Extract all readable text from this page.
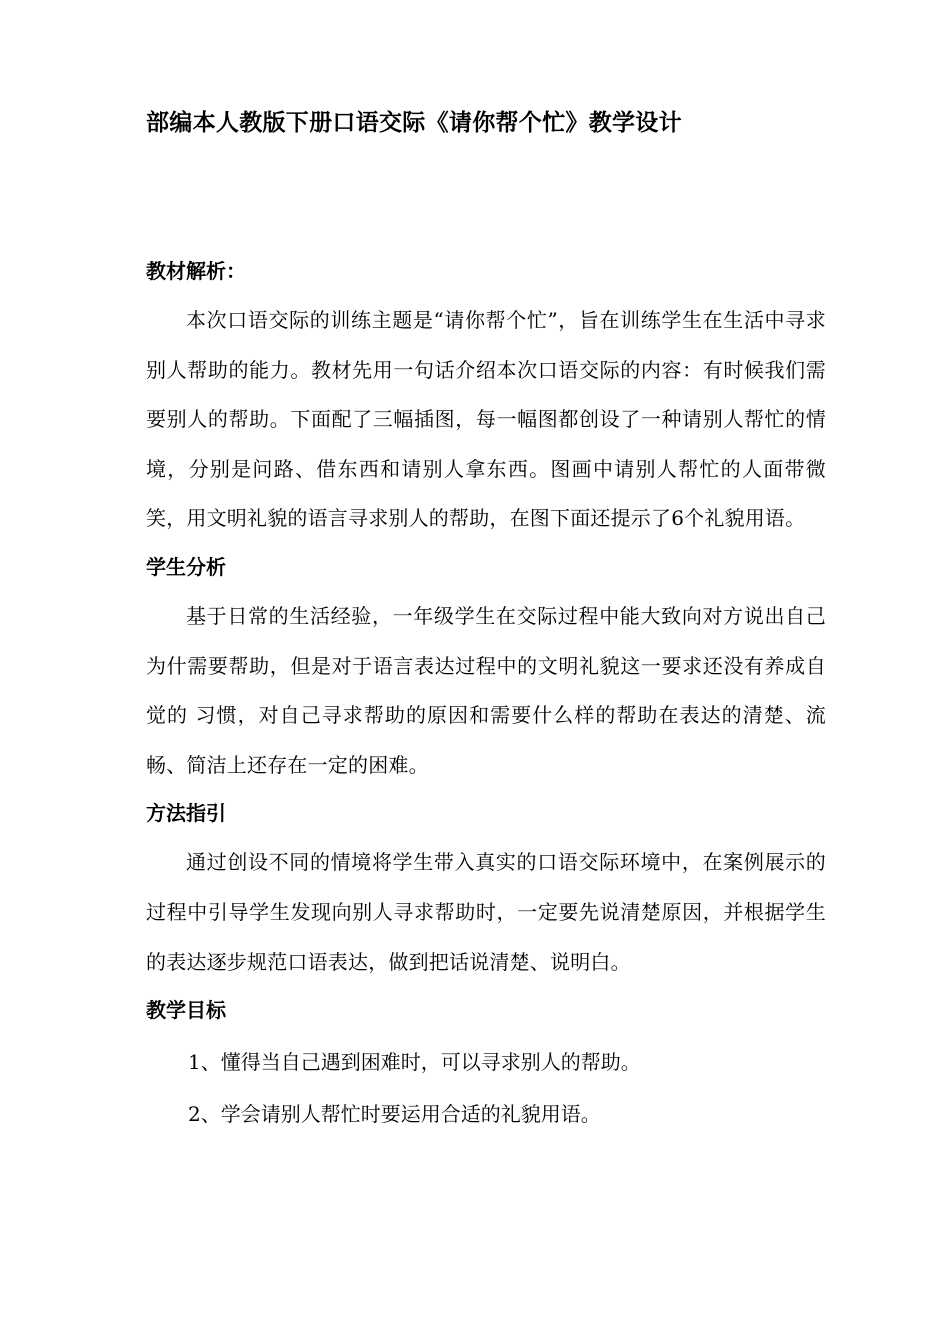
部编本人教版下册口语交际《请你帮个忙》教学设计
教材解析：
本次口语交际的训练主题是“请你帮个忙”，旨在训练学生在生活中寻求别人帮助的能力。教材先用一句话介绍本次口语交际的内容：有时候我们需要别人的帮助。下面配了三幅插图，每一幅图都创设了一种请别人帮忙的情境，分别是问路、借东西和请别人拿东西。图画中请别人帮忙的人面带微笑，用文明礼貌的语言寻求别人的帮助，在图下面还提示了6个礼貌用语。
学生分析
基于日常的生活经验，一年级学生在交际过程中能大致向对方说出自己为什需要帮助，但是对于语言表达过程中的文明礼貌这一要求还没有养成自觉的 习惯，对自己寻求帮助的原因和需要什么样的帮助在表达的清楚、流畅、简洁上还存在一定的困难。
方法指引
通过创设不同的情境将学生带入真实的口语交际环境中，在案例展示的过程中引导学生发现向别人寻求帮助时，一定要先说清楚原因，并根据学生的表达逐步规范口语表达，做到把话说清楚、说明白。
教学目标
1、懂得当自己遇到困难时，可以寻求别人的帮助。
2、学会请别人帮忙时要运用合适的礼貌用语。
